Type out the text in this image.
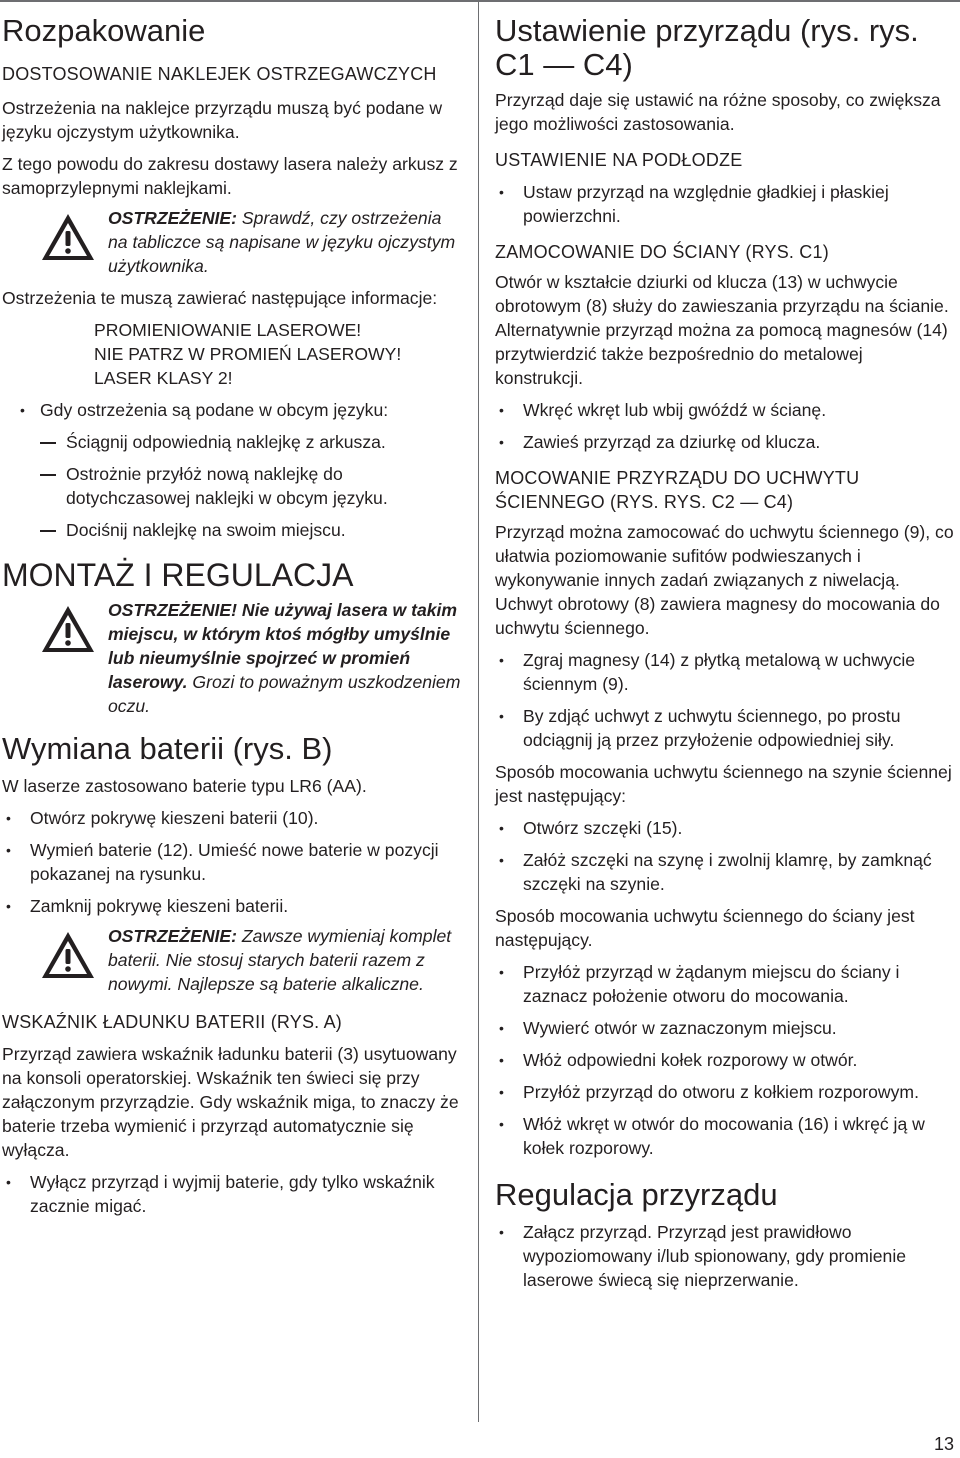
Rozpakowanie
DOSTOSOWANIE NAKLEJEK OSTRZEGAWCZYCH

Ostrzeżenia na naklejce przyrządu muszą być podane w języku ojczystym użytkownika.

Z tego powodu do zakresu dostawy lasera należy arkusz z samoprzylepnymi naklejkami.

OSTRZEŻENIE: Sprawdź, czy ostrzeżenia na tabliczce są napisane w języku ojczystym użytkownika.

Ostrzeżenia te muszą zawierać następujące informacje:

PROMIENIOWANIE LASEROWE!

NIE PATRZ W PROMIEŃ LASEROWY!

LASER KLASY 2!

• Gdy ostrzeżenia są podane w obcym języku:
Ściągnij odpowiednią naklejkę z arkusza.
Ostrożnie przyłóż nową naklejkę do dotychczasowej naklejki w obcym języku.
Dociśnij naklejkę na swoim miejscu.
MONTAŻ I REGULACJA

OSTRZEŻENIE! Nie używaj lasera w takim miejscu, w którym ktoś mógłby umyślnie lub nieumyślnie spojrzeć w promień laserowy. Grozi to poważnym uszkodzeniem oczu.

Wymiana baterii (rys. B)

W laserze zastosowano baterie typu LR6 (AA).

• Otwórz pokrywę kieszeni baterii (10).
• Wymień baterie (12). Umieść nowe baterie w pozycji pokazanej na rysunku.
• Zamknij pokrywę kieszeni baterii.

OSTRZEŻENIE: Zawsze wymieniaj komplet baterii. Nie stosuj starych baterii razem z nowymi. Najlepsze są baterie alkaliczne.

WSKAŹNIK ŁADUNKU BATERII (RYS. A)

Przyrząd zawiera wskaźnik ładunku baterii (3) usytuowany na konsoli operatorskiej. Wskaźnik ten świeci się przy załączonym przyrządzie. Gdy wskaźnik miga, to znaczy że baterie trzeba wymienić i przyrząd automatycznie się wyłącza.

• Wyłącz przyrząd i wyjmij baterie, gdy tylko wskaźnik zacznie migać.
Ustawienie przyrządu (rys. rys. C1 — C4)

Przyrząd daje się ustawić na różne sposoby, co zwiększa jego możliwości zastosowania.

USTAWIENIE NA PODŁODZE
• Ustaw przyrząd na względnie gładkiej i płaskiej powierzchni.
ZAMOCOWANIE DO ŚCIANY (RYS. C1)

Otwór w kształcie dziurki od klucza (13) w uchwycie obrotowym (8) służy do zawieszania przyrządu na ścianie. Alternatywnie przyrząd można za pomocą magnesów (14) przytwierdzić także bezpośrednio do metalowej konstrukcji.

• Wkręć wkręt lub wbij gwóźdź w ścianę.
• Zawieś przyrząd za dziurkę od klucza.
MOCOWANIE PRZYRZĄDU DO UCHWYTU ŚCIENNEGO (RYS. RYS. C2 — C4)

Przyrząd można zamocować do uchwytu ściennego (9), co ułatwia poziomowanie sufitów podwieszanych i wykonywanie innych zadań związanych z niwelacją. Uchwyt obrotowy (8) zawiera magnesy do mocowania do uchwytu ściennego.

• Zgraj magnesy (14) z płytką metalową w uchwycie ściennym (9).
• By zdjąć uchwyt z uchwytu ściennego, po prostu odciągnij ją przez przyłożenie odpowiedniej siły.

Sposób mocowania uchwytu ściennego na szynie ściennej jest następujący:

• Otwórz szczęki (15).
• Załóż szczęki na szynę i zwolnij klamrę, by zamknąć szczęki na szynie.

Sposób mocowania uchwytu ściennego do ściany jest następujący.

• Przyłóż przyrząd w żądanym miejscu do ściany i zaznacz położenie otworu do mocowania.
• Wywierć otwór w zaznaczonym miejscu.
• Włóż odpowiedni kołek rozporowy w otwór.
• Przyłóż przyrząd do otworu z kołkiem rozporowym.
• Włóż wkręt w otwór do mocowania (16) i wkręć ją w kołek rozporowy.
Regulacja przyrządu
• Załącz przyrząd. Przyrząd jest prawidłowo wypoziomowany i/lub spionowany, gdy promienie laserowe świecą się nieprzerwanie.
13
